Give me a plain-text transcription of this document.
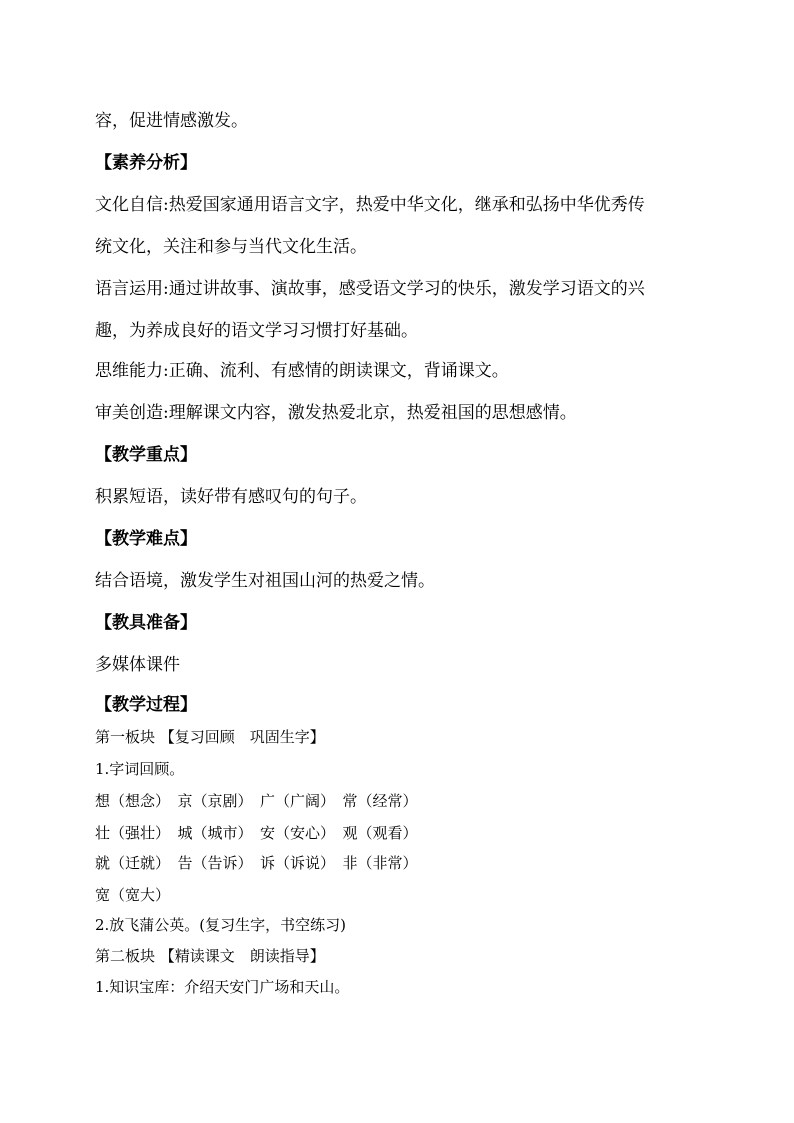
容，促进情感激发。

【素养分析】

文化自信:热爱国家通用语言文字，热爱中华文化，继承和弘扬中华优秀传

统文化，关注和参与当代文化生活。

语言运用:通过讲故事、演故事，感受语文学习的快乐，激发学习语文的兴

趣，为养成良好的语文学习习惯打好基础。

思维能力:正确、流利、有感情的朗读课文，背诵课文。

审美创造:理解课文内容，激发热爱北京，热爱祖国的思想感情。

【教学重点】

积累短语，读好带有感叹句的句子。

【教学难点】

结合语境，激发学生对祖国山河的热爱之情。

【教具准备】

多媒体课件

【教学过程】

第一板块 【复习回顾　巩固生字】

1.字词回顾。

想（想念）　京（京剧）　广（广阔）　常（经常）

壮（强壮）　城（城市）　安（安心）　观（观看）

就（迁就）　告（告诉）　诉（诉说）　非（非常）

宽（宽大）

2.放飞蒲公英。(复习生字，书空练习)

第二板块 【精读课文　朗读指导】

1.知识宝库：介绍天安门广场和天山。
